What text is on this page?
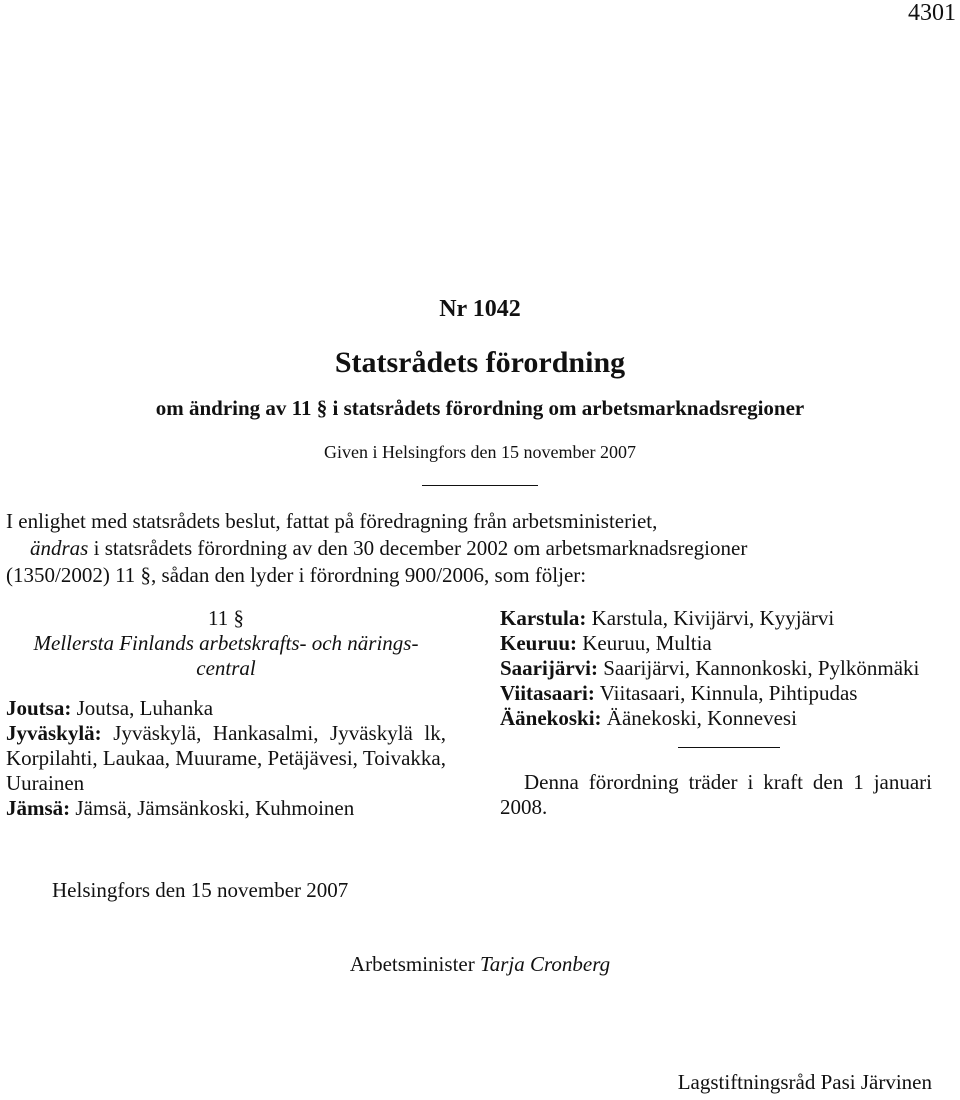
4301
Nr 1042
Statsrådets förordning
om ändring av 11 § i statsrådets förordning om arbetsmarknadsregioner
Given i Helsingfors den 15 november 2007

I enlighet med statsrådets beslut, fattat på föredragning från arbetsministeriet,

ändras i statsrådets förordning av den 30 december 2002 om arbetsmarknadsregioner

(1350/2002) 11 §, sådan den lyder i förordning 900/2006, som följer:

11 §
Mellersta Finlands arbetskrafts- och närings-central

Joutsa: Joutsa, Luhanka

Jyväskylä: Jyväskylä, Hankasalmi, Jyväskylä lk, Korpilahti, Laukaa, Muurame, Petäjävesi, Toivakka, Uurainen

Jämsä: Jämsä, Jämsänkoski, Kuhmoinen

Karstula: Karstula, Kivijärvi, Kyyjärvi

Keuruu: Keuruu, Multia

Saarijärvi: Saarijärvi, Kannonkoski, Pylkönmäki

Viitasaari: Viitasaari, Kinnula, Pihtipudas

Äänekoski: Äänekoski, Konnevesi

Denna förordning träder i kraft den 1 januari 2008.

Helsingfors den 15 november 2007
Arbetsminister Tarja Cronberg
Lagstiftningsråd Pasi Järvinen
